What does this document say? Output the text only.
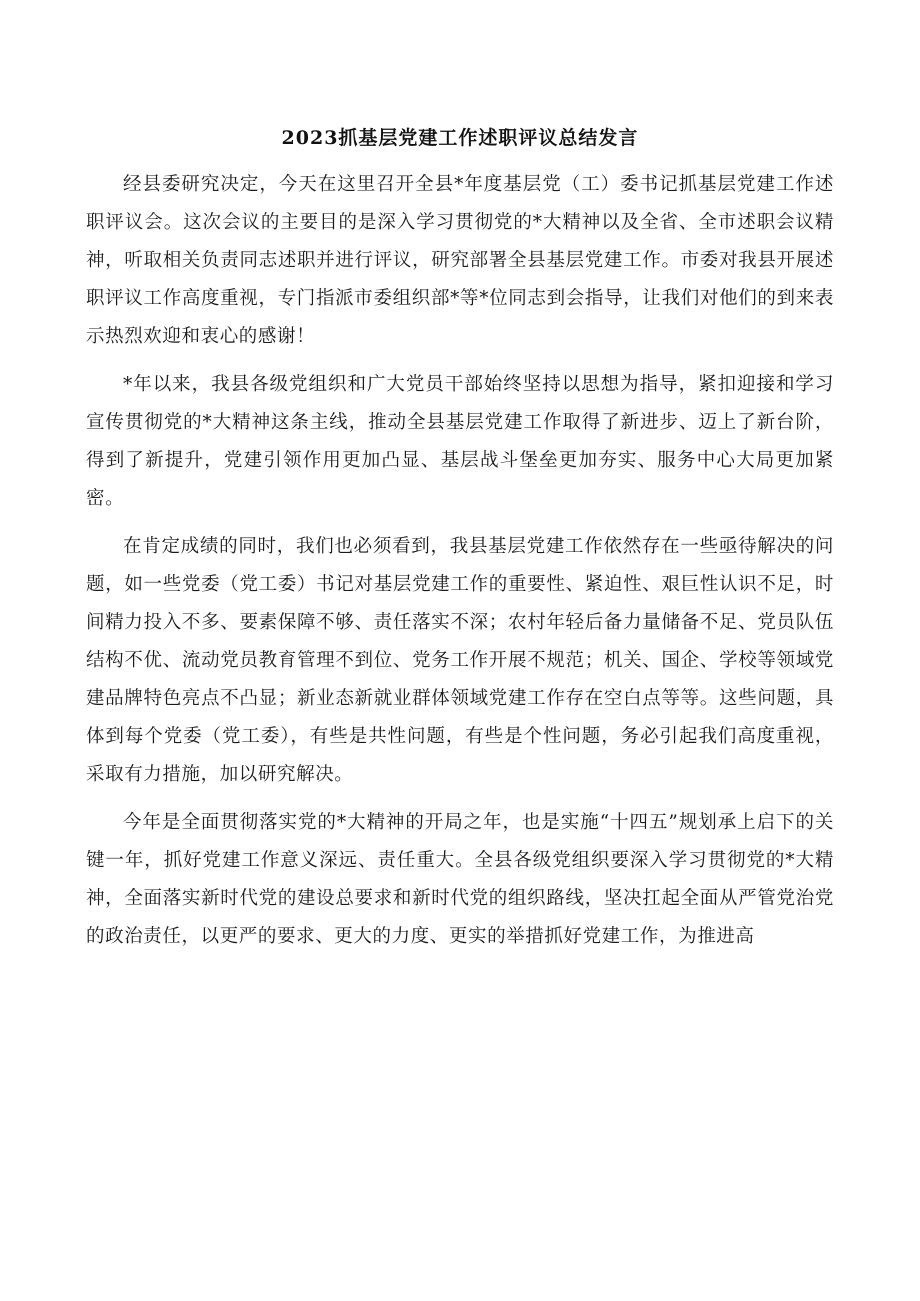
2023抓基层党建工作述职评议总结发言

经县委研究决定，今天在这里召开全县*年度基层党（工）委书记抓基层党建工作述职评议会。这次会议的主要目的是深入学习贯彻党的*大精神以及全省、全市述职会议精神，听取相关负责同志述职并进行评议，研究部署全县基层党建工作。市委对我县开展述职评议工作高度重视，专门指派市委组织部*等*位同志到会指导，让我们对他们的到来表示热烈欢迎和衷心的感谢！

*年以来，我县各级党组织和广大党员干部始终坚持以思想为指导，紧扣迎接和学习宣传贯彻党的*大精神这条主线，推动全县基层党建工作取得了新进步、迈上了新台阶，得到了新提升，党建引领作用更加凸显、基层战斗堡垒更加夯实、服务中心大局更加紧密。

在肯定成绩的同时，我们也必须看到，我县基层党建工作依然存在一些亟待解决的问题，如一些党委（党工委）书记对基层党建工作的重要性、紧迫性、艰巨性认识不足，时间精力投入不多、要素保障不够、责任落实不深；农村年轻后备力量储备不足、党员队伍结构不优、流动党员教育管理不到位、党务工作开展不规范；机关、国企、学校等领域党建品牌特色亮点不凸显；新业态新就业群体领域党建工作存在空白点等等。这些问题，具体到每个党委（党工委），有些是共性问题，有些是个性问题，务必引起我们高度重视，采取有力措施，加以研究解决。

今年是全面贯彻落实党的*大精神的开局之年，也是实施“十四五”规划承上启下的关键一年，抓好党建工作意义深远、责任重大。全县各级党组织要深入学习贯彻党的*大精神，全面落实新时代党的建设总要求和新时代党的组织路线，坚决扛起全面从严管党治党的政治责任，以更严的要求、更大的力度、更实的举措抓好党建工作，为推进高
